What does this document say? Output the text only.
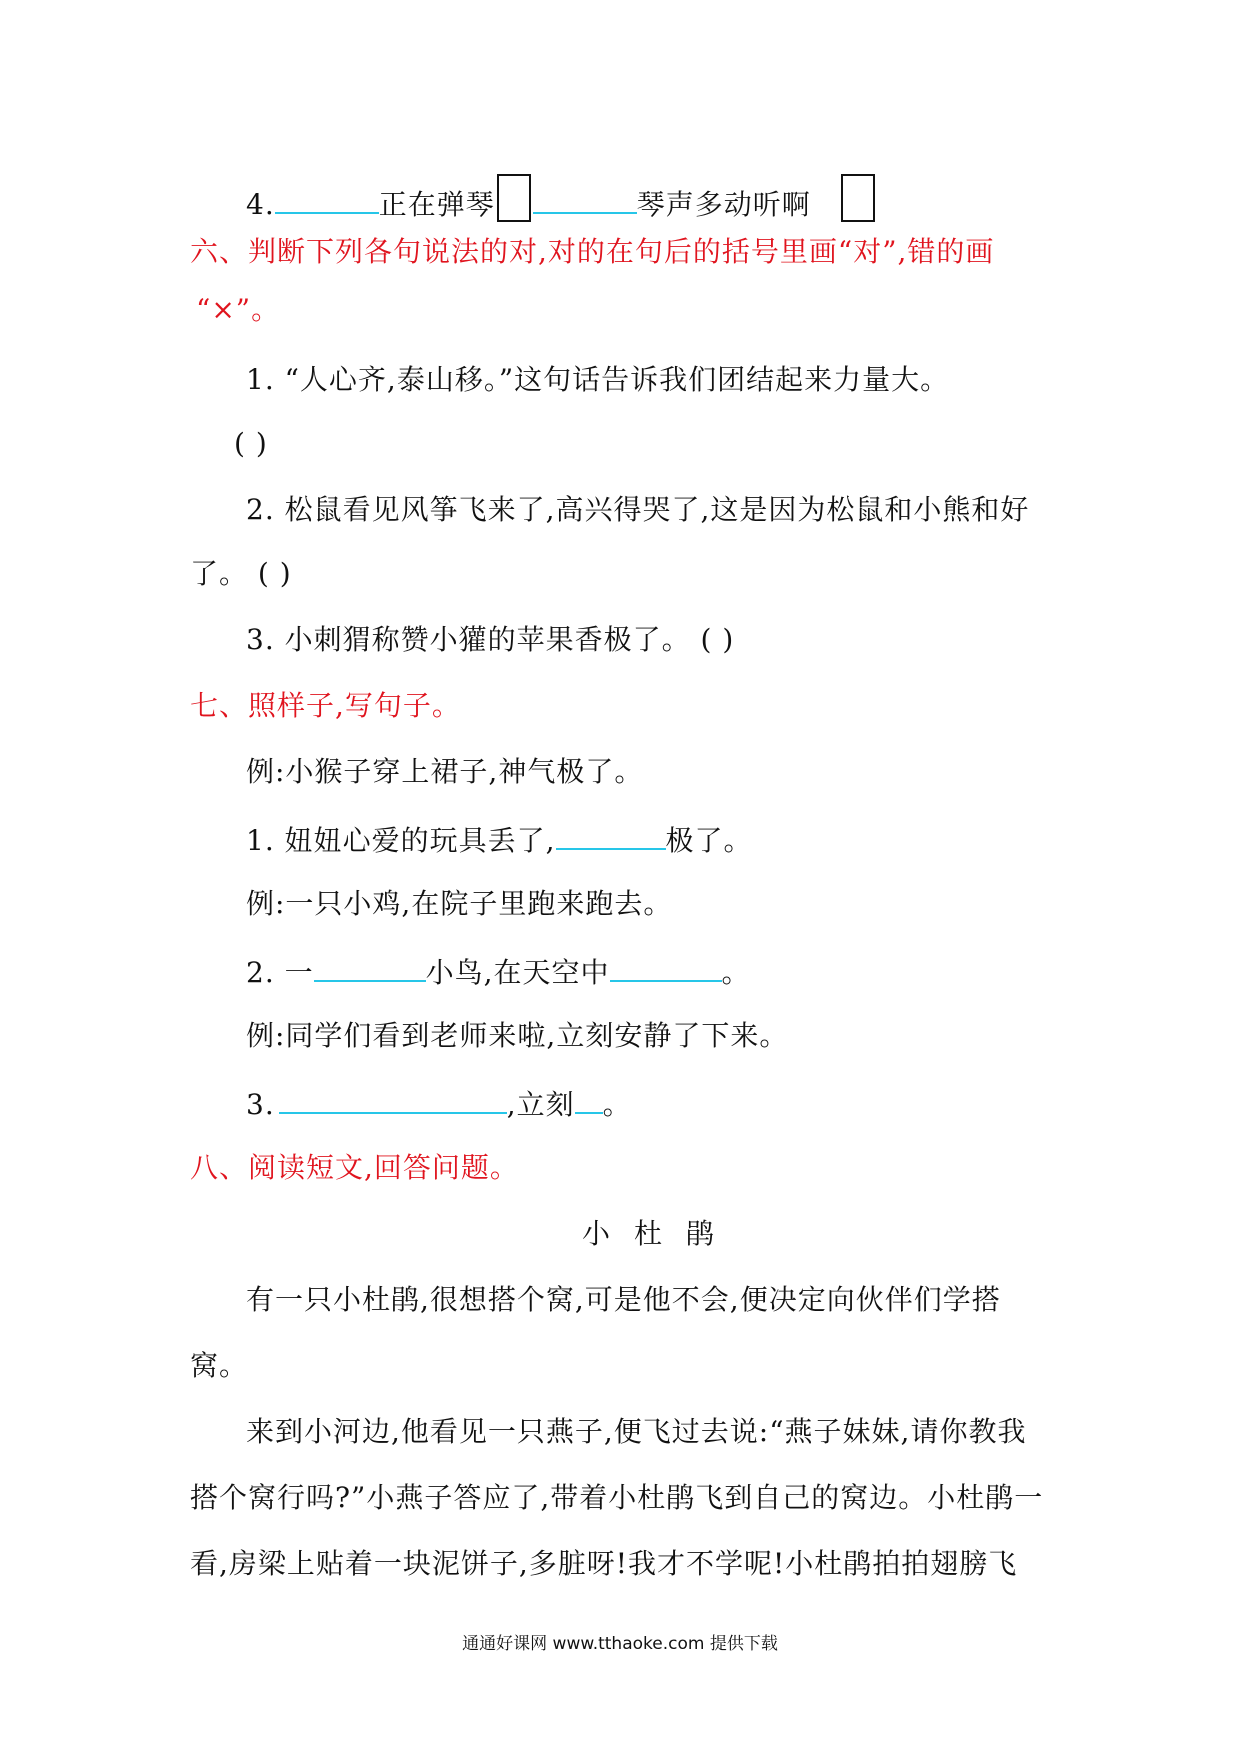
4.	正在弹琴	琴声多动听啊
六、判断下列各句说法的对,对的在句后的括号里画“对”,错的画
“×”。
1. “人心齐,泰山移。”这句话告诉我们团结起来力量大。
( )
2. 松鼠看见风筝飞来了,高兴得哭了,这是因为松鼠和小熊和好
了。 ( )
3. 小刺猬称赞小獾的苹果香极了。 ( )
七、照样子,写句子。
例:小猴子穿上裙子,神气极了。
1. 妞妞心爱的玩具丢了,	极了。
例:一只小鸡,在院子里跑来跑去。
2. 一	小鸟,在天空中	。
例:同学们看到老师来啦,立刻安静了下来。
3.	,立刻 。
八、阅读短文,回答问题。
小杜鹃
有一只小杜鹃,很想搭个窝,可是他不会,便决定向伙伴们学搭
窝。
来到小河边,他看见一只燕子,便飞过去说:“燕子妹妹,请你教我
搭个窝行吗?”小燕子答应了,带着小杜鹃飞到自己的窝边。小杜鹃一
看,房梁上贴着一块泥饼子,多脏呀!我才不学呢!小杜鹃拍拍翅膀飞
通通好课网 www.tthaoke.com 提供下载
